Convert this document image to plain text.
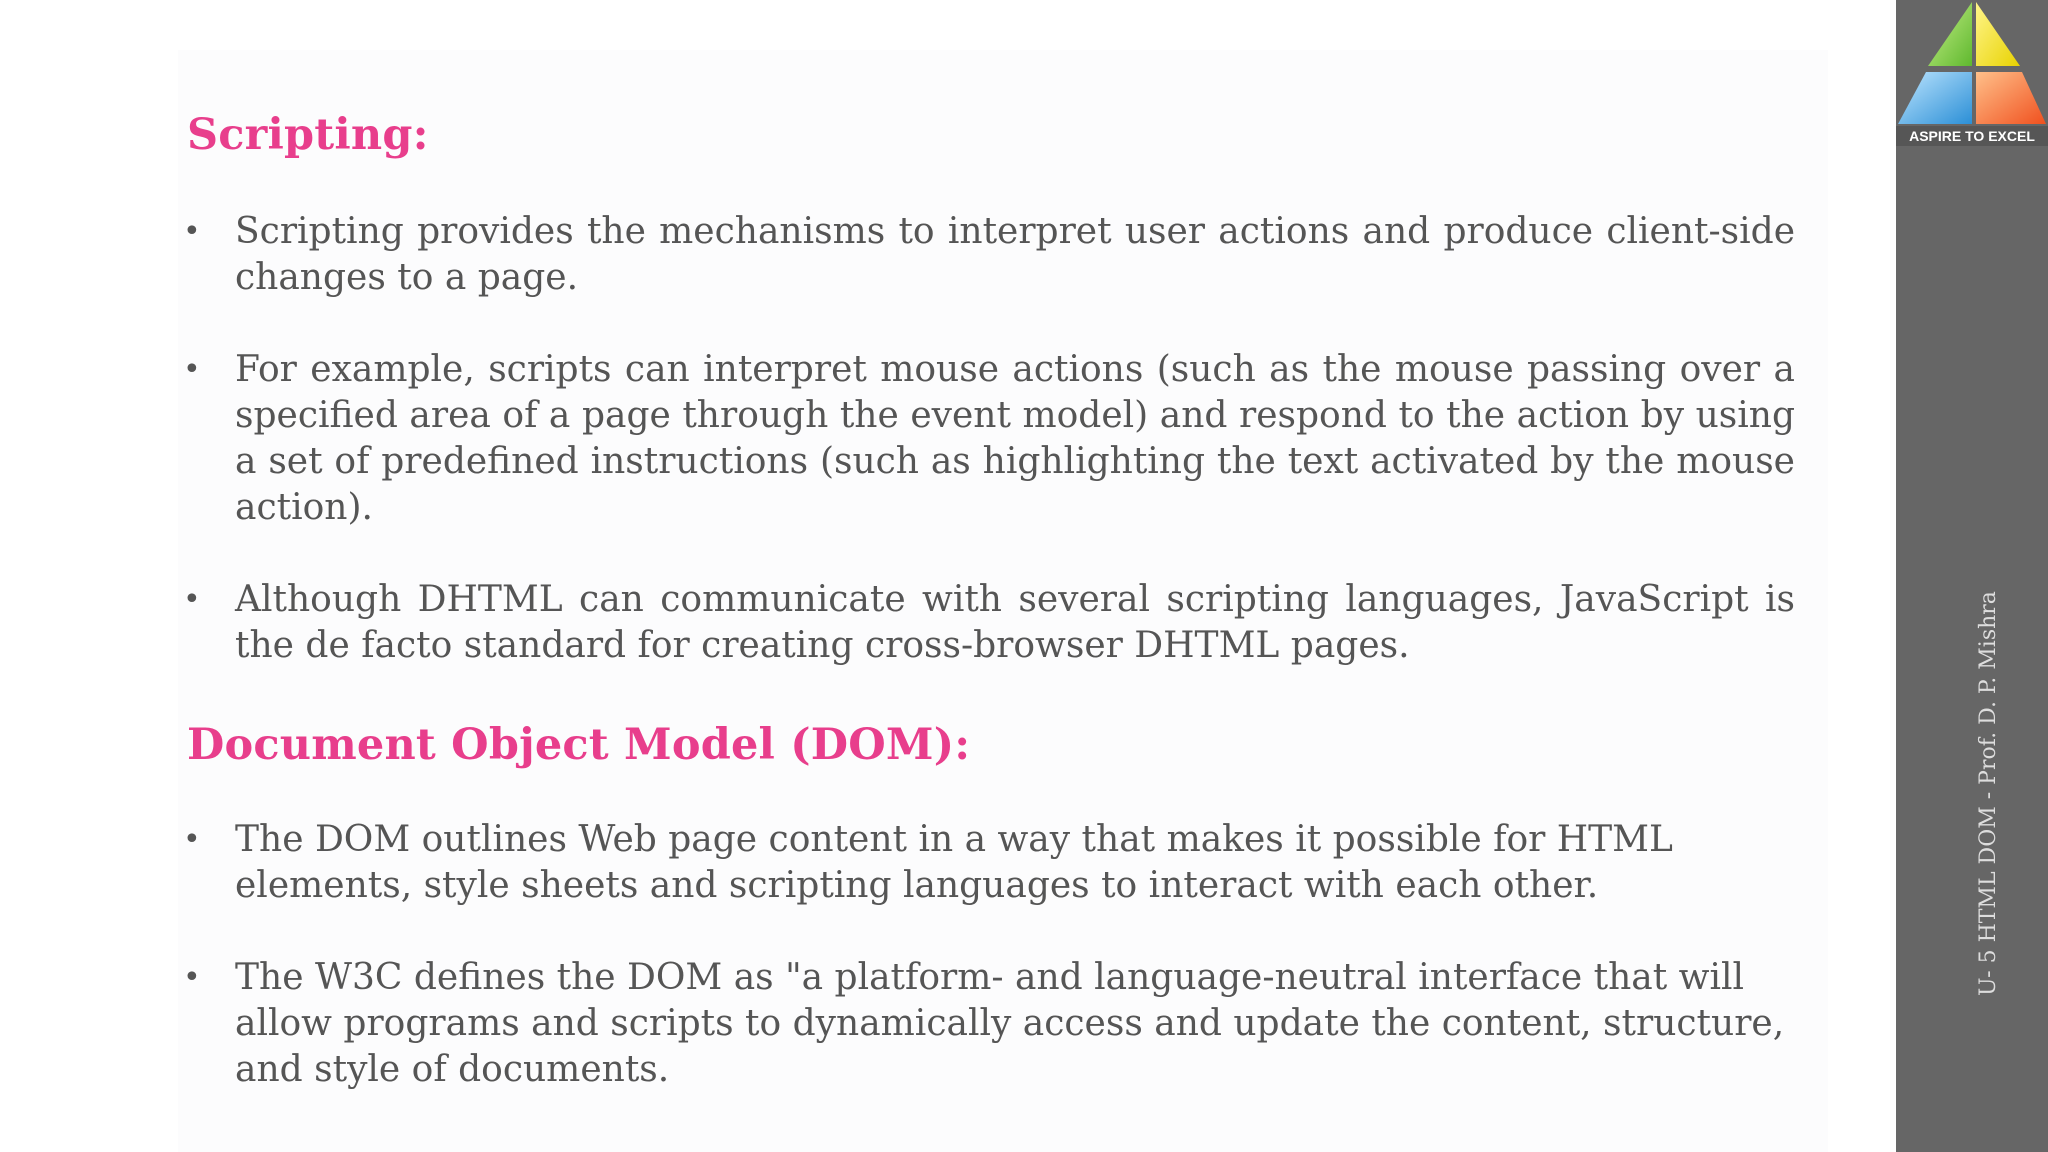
Scripting:
• Scripting provides the mechanisms to interpret user actions and produce client-side changes to a page.
• For example, scripts can interpret mouse actions (such as the mouse passing over a specified area of a page through the event model) and respond to the action by using a set of predefined instructions (such as highlighting the text activated by the mouse action).
• Although DHTML can communicate with several scripting languages, JavaScript is the de facto standard for creating cross-browser DHTML pages.
Document Object Model (DOM):
• The DOM outlines Web page content in a way that makes it possible for HTML elements, style sheets and scripting languages to interact with each other.
• The W3C defines the DOM as "a platform- and language-neutral interface that will allow programs and scripts to dynamically access and update the content, structure, and style of documents.
ASPIRE TO EXCEL
U- 5 HTML DOM - Prof. D. P. Mishra
